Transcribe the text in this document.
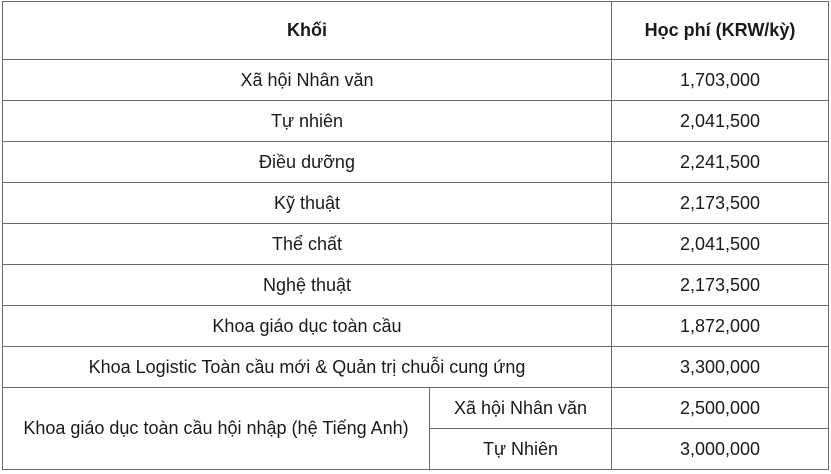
Khối		Học phí (KRW/kỳ)
Xã hội Nhân văn		1,703,000
Tự nhiên		2,041,500
Điều dưỡng		2,241,500
Kỹ thuật		2,173,500
Thể chất		2,041,500
Nghệ thuật		2,173,500
Khoa giáo dục toàn cầu		1,872,000
Khoa Logistic Toàn cầu mới & Quản trị chuỗi cung ứng		3,300,000
Khoa giáo dục toàn cầu hội nhập (hệ Tiếng Anh)	Xã hội Nhân văn	2,500,000
	Tự Nhiên	3,000,000
